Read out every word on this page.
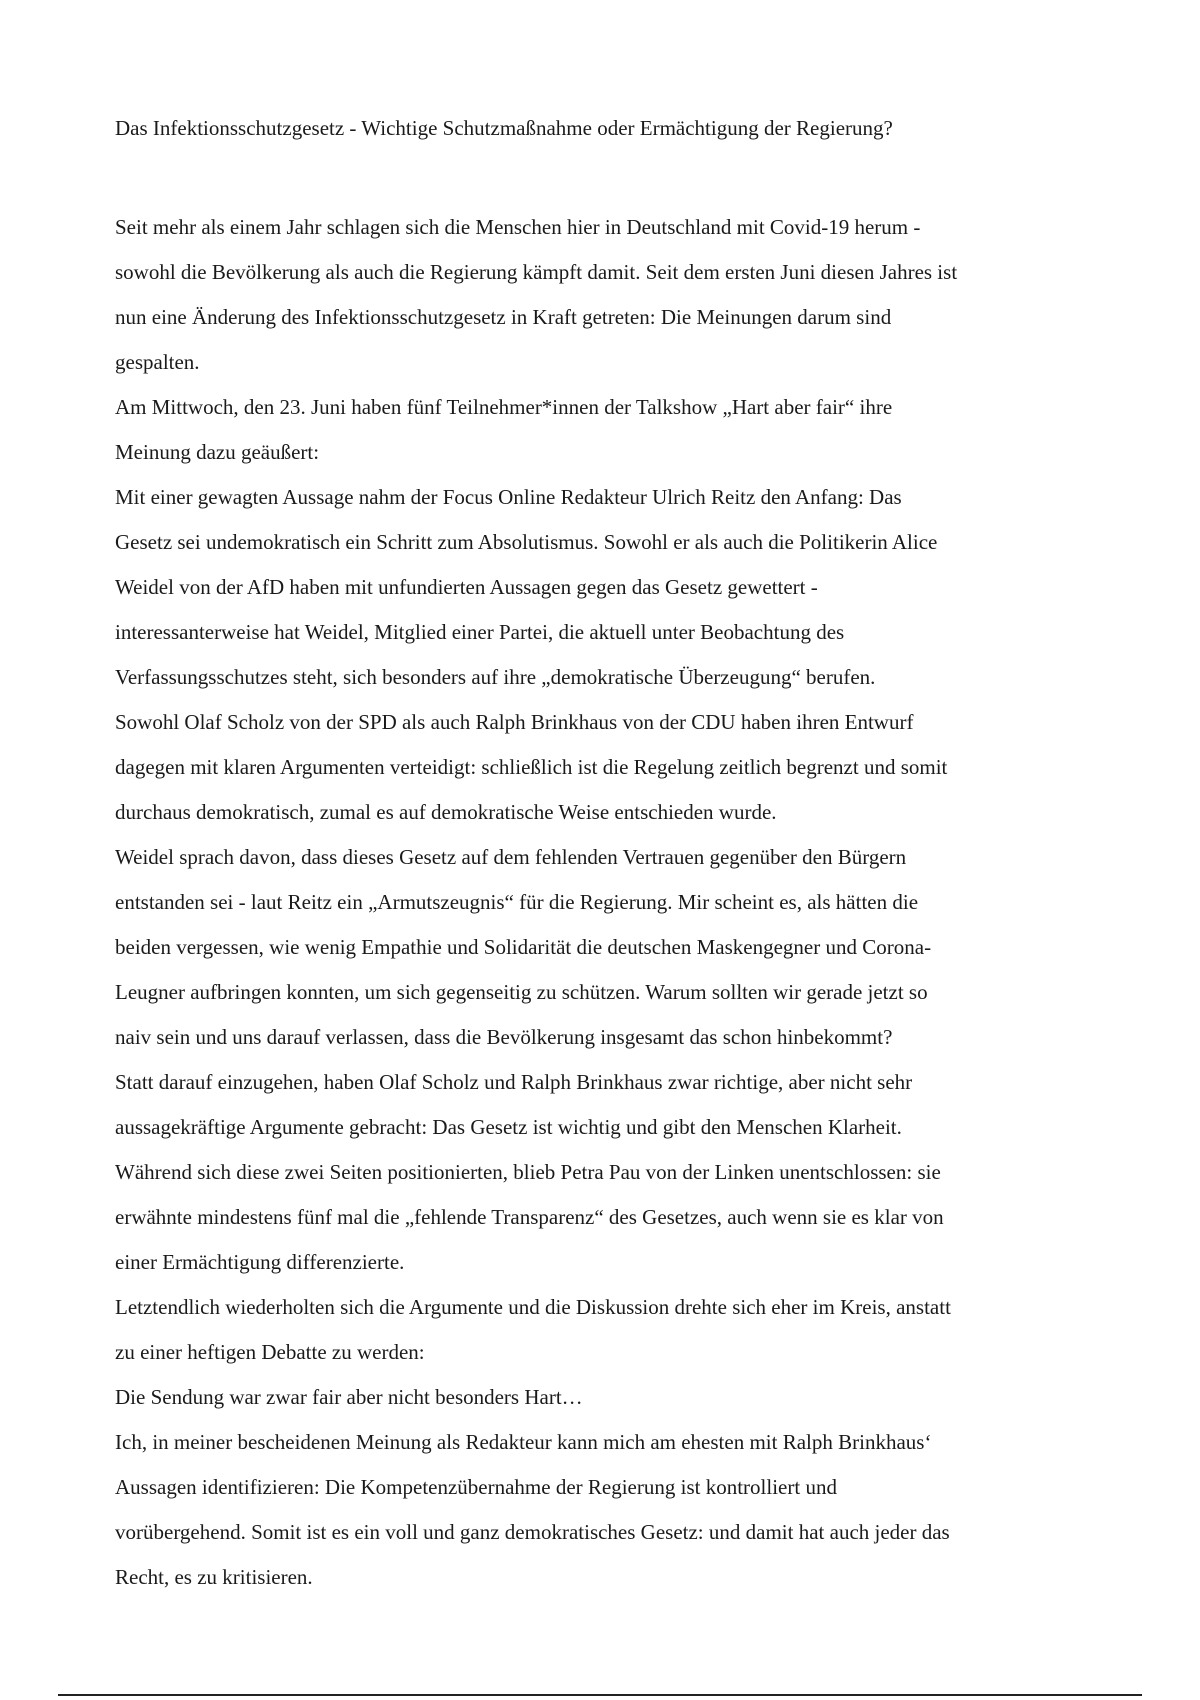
Das Infektionsschutzgesetz - Wichtige Schutzmaßnahme oder Ermächtigung der Regierung?
Seit mehr als einem Jahr schlagen sich die Menschen hier in Deutschland mit Covid-19 herum -
sowohl die Bevölkerung als auch die Regierung kämpft damit. Seit dem ersten Juni diesen Jahres ist
nun eine Änderung des Infektionsschutzgesetz in Kraft getreten: Die Meinungen darum sind
gespalten.
Am Mittwoch, den 23. Juni haben fünf Teilnehmer*innen der Talkshow „Hart aber fair“ ihre
Meinung dazu geäußert:
Mit einer gewagten Aussage nahm der Focus Online Redakteur Ulrich Reitz den Anfang: Das
Gesetz sei undemokratisch ein Schritt zum Absolutismus. Sowohl er als auch die Politikerin Alice
Weidel von der AfD haben mit unfundierten Aussagen gegen das Gesetz gewettert -
interessanterweise hat Weidel, Mitglied einer Partei, die aktuell unter Beobachtung des
Verfassungsschutzes steht, sich besonders auf ihre „demokratische Überzeugung“ berufen.
Sowohl Olaf Scholz von der SPD als auch Ralph Brinkhaus von der CDU haben ihren Entwurf
dagegen mit klaren Argumenten verteidigt: schließlich ist die Regelung zeitlich begrenzt und somit
durchaus demokratisch, zumal es auf demokratische Weise entschieden wurde.
Weidel sprach davon, dass dieses Gesetz auf dem fehlenden Vertrauen gegenüber den Bürgern
entstanden sei - laut Reitz ein „Armutszeugnis“ für die Regierung. Mir scheint es, als hätten die
beiden vergessen, wie wenig Empathie und Solidarität die deutschen Maskengegner und Corona-
Leugner aufbringen konnten, um sich gegenseitig zu schützen. Warum sollten wir gerade jetzt so
naiv sein und uns darauf verlassen, dass die Bevölkerung insgesamt das schon hinbekommt?
Statt darauf einzugehen, haben Olaf Scholz und Ralph Brinkhaus zwar richtige, aber nicht sehr
aussagekräftige Argumente gebracht: Das Gesetz ist wichtig und gibt den Menschen Klarheit.
Während sich diese zwei Seiten positionierten, blieb Petra Pau von der Linken unentschlossen: sie
erwähnte mindestens fünf mal die „fehlende Transparenz“ des Gesetzes, auch wenn sie es klar von
einer Ermächtigung differenzierte.
Letztendlich wiederholten sich die Argumente und die Diskussion drehte sich eher im Kreis, anstatt
zu einer heftigen Debatte zu werden:
Die Sendung war zwar fair aber nicht besonders Hart…
Ich, in meiner bescheidenen Meinung als Redakteur kann mich am ehesten mit Ralph Brinkhaus‘
Aussagen identifizieren: Die Kompetenzübernahme der Regierung ist kontrolliert und
vorübergehend. Somit ist es ein voll und ganz demokratisches Gesetz: und damit hat auch jeder das
Recht, es zu kritisieren.
